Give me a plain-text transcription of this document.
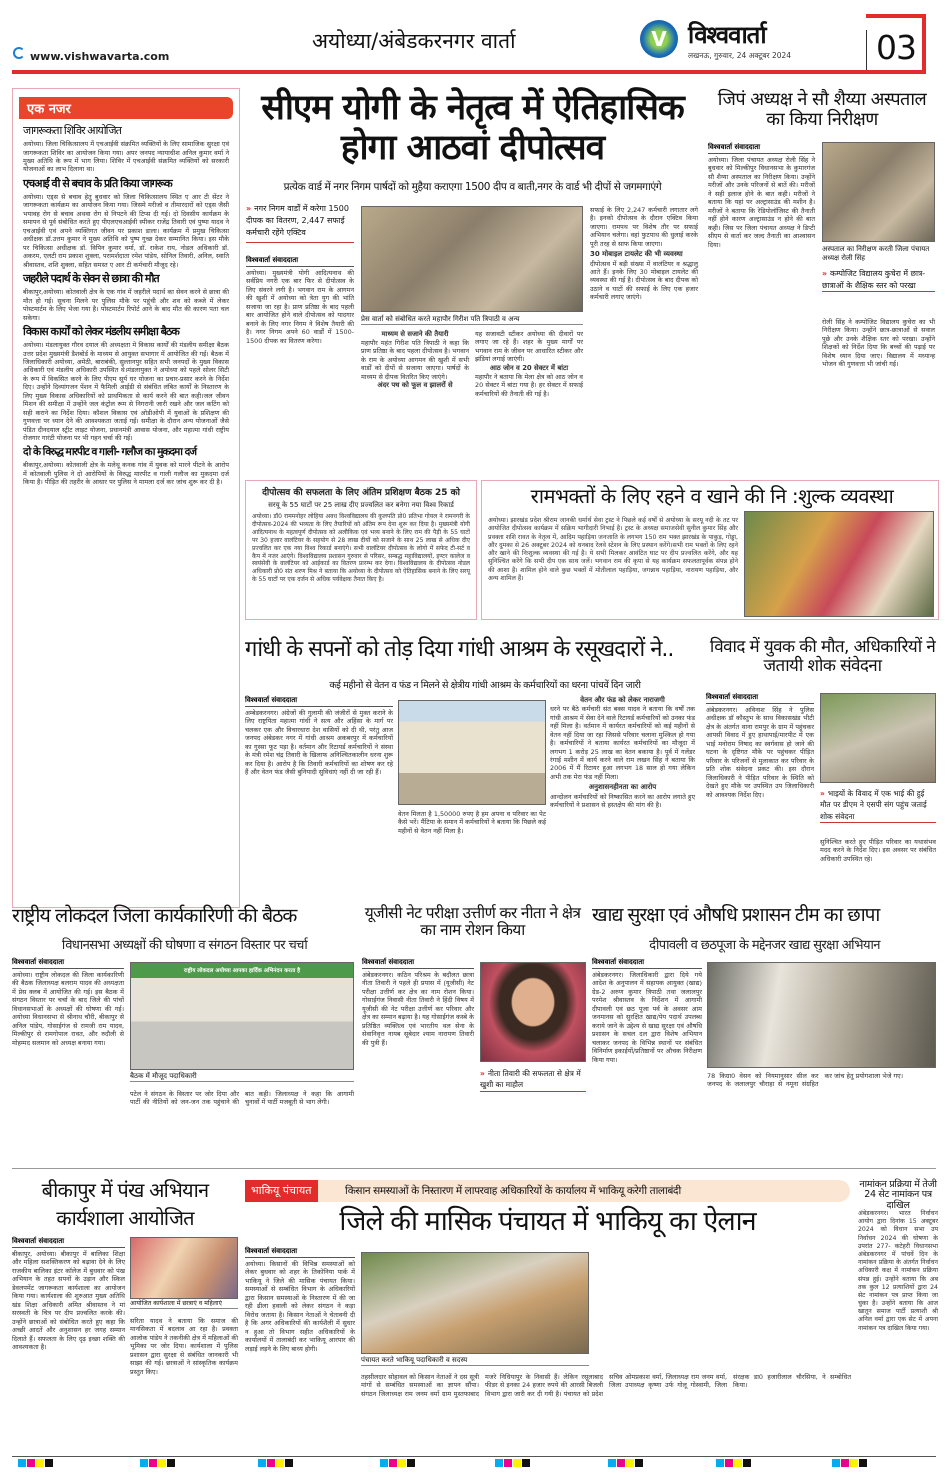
www.vishwavarta.com
अयोध्या/अंबेडकरनगर वार्ता	V विश्ववार्ता
लखनऊ, गुरुवार, 24 अक्टूबर 2024	03
एक नजर
जागरूकता शिविर आयोजित
अयोध्या। जिला चिकित्सालय में एचआईवी संक्रमित व्यक्तियों के लिए सामाजिक सुरक्षा एवं जागरूकता शिविर का आयोजन किया गया। अपर जनपद न्यायाधीश अनिल कुमार वर्मा ने मुख्य अतिथि के रूप में भाग लिया। शिविर में एचआईवी संक्रमित व्यक्तियों को सरकारी योजनाओं का लाभ दिलाना था।
एचआई वी से बचाव के प्रति किया जागरूक
अयोध्या। एड्स से बचाव हेतु बुधवार को जिला चिकित्सालय स्थित ए आर टी सेंटर ने जागरूकता कार्यक्रम का आयोजन किया गया। जिसमे मरीजो व तीमारदारों को एड्स जैसी भयावह रोग से बचाव अथवा रोग से निपटने की टिप्स दी गई। दो दिवसीय कार्यक्रम के समापन से पूर्व संबोधित करते हुए पीएलएचआईवी स्पीकर राजेंद्र तिवारी एवं पुष्पा यादव ने एचआईवी एवं अपने व्यक्तिगत जीवन पर प्रकाश डाला। कार्यक्रम में प्रमुख चिकित्सा अधीक्षक डॉ.उत्तम कुमार ने मुख्य अतिथि को पुष्प गुच्छ देकर सम्मानित किया। इस मौके पर चिकित्सा अधीक्षक डॉ. विपिन कुमार वर्मा, डॉ. राकेश राय, नोडल अधिकारी डॉ. अकरम, एलटी राम प्रकाश शुक्ला, परामर्शदाता रमेश पांडेय, सोनिल तिवारी, अनिल, स्वाति श्रीवास्तव, शशि शुक्ला, सहित समस्त ए आर टी कर्मचारी मौजूद रहे।
जहरीले पदार्थ के सेवन से छात्रा की मौत
बीकापुर,अयोध्या। कोतवाली क्षेत्र के एक गांव में जहरीले पदार्थ का सेवन करने से छात्रा की मौत हो गई। सूचना मिलने पर पुलिस मौके पर पहुंची और शव को कब्जे में लेकर पोस्टमार्टम के लिए भेजा गया है। पोस्टमार्टम रिपोर्ट आने के बाद मौत की कारण पता चल सकेगा।
विकास कार्यों को लेकर मंडलीय समीक्षा बैठक
अयोध्या। मंडलायुक्त गौरव दयाल की अध्यक्षता मे विकास कार्यों की मंडलीय समीक्षा बैठक उत्तर प्रदेश मुख्यमंत्री डैशबोर्ड के माध्यम से आयुक्त सभागार में आयोजित की गई। बैठक में जिलाधिकारी अयोध्या, अमेठी, बाराबंकी, सुल्तानपुर सहित सभी जनपदों के मुख्य विकास अधिकारी एवं मंडलीय अधिकारी उपस्थित थे।मंडलायुक्त ने अयोध्या को पहले सोलर सिटी के रूप में विकसित करने के लिए पीएम सूर्य घर योजना का प्रचार-प्रसार करने के निर्देश दिए। उन्होंने दिव्यांगजन पेंशन में फैमिली आईडी से संबंधित लंबित कार्यों के निस्तारण के लिए मुख्य विकास अधिकारियों को प्राथमिकता से कार्य करने की बात कही।जल जीवन मिशन की समीक्षा में उन्होंने जल कंट्रोल रूम से निगरानी जारी रखने और जल कटिंग को सही कराने का निर्देश दिया। कौशल विकास एवं ओडीओपी में युवाओं के प्रशिक्षण की गुणवत्ता पर ध्यान देने की आवश्यकता जताई गई। समीक्षा के दौरान अन्य योजनाओं जैसे पंडित दीनदयाल स्ट्रीट लाइट योजना, प्रधानमंत्री आवास योजना, और महात्मा गांधी राष्ट्रीय रोजगार गारंटी योजना पर भी गहन चर्चा की गई।
दो के विरुद्ध मारपीट व गाली- गलौज का मुकदमा दर्ज
बीकापुर,अयोध्या। कोतवाली क्षेत्र के मलेथू कनक गांव में युवक को मारने पीटने के आरोप में कोतवाली पुलिस ने दो आरोपियों के विरुद्ध मारपीट व गाली गलौज का मुकदमा दर्ज किया है। पीड़ित की तहरीर के आधार पर पुलिस ने मामला दर्ज कर जांच शुरू कर दी है।
सीएम योगी के नेतृत्व में ऐतिहासिक होगा आठवां दीपोत्सव
प्रत्येक वार्ड में नगर निगम पार्षदों को मुहैया कराएगा 1500 दीप व बाती,नगर के वार्ड भी दीपों से जगमगाएंगे
» नगर निगम वार्डों में करेगा 1500 दीपक का वितरण, 2,447 सफाई कर्मचारी रहेंगे एक्टिव
विश्ववार्ता संवाददाता
अयोध्या। मुख्यमंत्री योगी आदित्यनाथ की सर्वप्रिय नगरी एक बार फिर से दीपोत्सव के लिए संवरने लगी है। भगवान राम के आगमन की खुशी में अयोध्या को त्रेता युग की भांति सजाया जा रहा है। प्राण प्रतिष्ठा के बाद पहली बार आयोजित होने वाले दीपोत्सव को यादगार बनाने के लिए नगर निगम ने विशेष तैयारी की है। नगर निगम अपने 60 वार्डों में 1500-1500 दीपक का वितरण करेगा।
प्रेस वार्ता को संबोधित करते महापौर गिरीश पति त्रिपाठी व अन्य
माध्यम से सजाने की तैयारी
महापौर महंत गिरीश पति त्रिपाठी ने कहा कि प्राण प्रतिष्ठा के बाद पहला दीपोत्सव है। भगवान के राम के अयोध्या आगमन की खुशी में सभी वार्डों को दीपों से सजाया जाएगा। पार्षदों के माध्यम से दीपक वितरित किए जाएंगे।
अंदर पथ को फूल व झालरों से
यह सजावटी स्टीकर अयोध्या की दीवारों पर लगाए जा रहे हैं। शहर के मुख्य मार्गों पर भगवान राम के जीवन पर आधारित स्टीकर और झंडियां लगाई जाएंगी।
आठ जोन व 20 सेक्टर में बांटा
महापौर ने बताया कि मेला क्षेत्र को आठ जोन व 20 सेक्टर में बांटा गया है। हर सेक्टर में सफाई कर्मचारियों की तैनाती की गई है।
सफाई के लिए 2,247 कर्मचारी लगातार लगे है। इनको दीपोत्सव के दौरान एक्टिव किया जाएगा। रामपथ पर विशेष तौर पर सफाई अभियान चलेगा। वहां फुटपाथ की धुलाई करके पूरी तरह से साफ किया जाएगा।
30 मोबाइल टायलेट की भी व्यवस्था
दीपोत्सव में बड़ी संख्या में वालंटियर व श्रद्धालु आते हैं। इनके लिए 30 मोबाइल टायलेट की व्यवस्था की गई है। दीपोत्सव के बाद दीपक को उठाने व घाटों की सफाई के लिए एक हजार कर्मचारी लगाए जाएंगे।
जिपं अध्यक्ष ने सौ शैय्या अस्पताल का किया निरीक्षण
विश्ववार्ता संवाददाता
अयोध्या। जिला पंचायत अध्यक्ष रोली सिंह ने बुधवार को मिल्कीपुर विधानसभा के कुमारगंज सौ शैय्या अस्पताल का निरीक्षण किया। उन्होंने मरीजों और उनके परिजनों से बातें की। मरीजों ने सही इलाज होने के बात कही। मरीजों ने बताया कि यहां पर अल्ट्रासाउंड की मशीन है। मरीजों ने बताया कि रेडियोलॉजिस्ट की तैनाती नहीं होने कारण अल्ट्रासाउंड न होने की बात कही। जिस पर जिला पंचायत अध्यक्ष ने डिप्टी सीएम से वार्ता कर जल्द तैनाती का आश्वासन दिया।
अस्पताल का निरीक्षण करती जिला पंचायत अध्यक्ष रोली सिंह
» कम्पोजिट विद्यालय कुचेरा में छात्र- छात्राओं के शैक्षिक स्तर को परखा
रोली सिंह ने कम्पोजिट विद्यालय कुचेरा का भी निरीक्षण किया। उन्होंने छात्र-छात्राओं से सवाल पूछे और उनके शैक्षिक स्तर को परखा। उन्होंने शिक्षकों को निर्देश दिया कि बच्चों की पढ़ाई पर विशेष ध्यान दिया जाए। विद्यालय में मध्यान्ह भोजन की गुणवत्ता भी जांची गई।
दीपोत्सव की सफलता के लिए अंतिम प्रशिक्षण बैठक 25 को
सरयू के 55 घाटों पर 25 लाख दीए प्रज्वलित कर बनेगा नया विश्व रिकार्ड
अयोध्या। डॉ0 राममनोहर लोहिया अवध विश्वविद्यालय की कुलपति प्रो0 प्रतिभा गोयल ने रामनगरी के दीपोत्सव-2024 की भव्यता के लिए तैयारियों को अंतिम रूप देना शुरू कर दिया है। मुख्यमंत्री योगी आदित्यनाथ के महत्वपूर्ण दीपोत्सव को अलौकिक एवं भव्य बनाने के लिए राम की पैड़ी के 55 घाटों पर 30 हजार वालंटियर के सहयोग से 28 लाख दीयों को सजाने के साथ 25 लाख से अधिक दीए प्रज्वलित कर एक नया विश्व रिकार्ड बनाएंगे। सभी वालंटियर दीपोत्सव के लोगो में सफेद टी-सर्ट व कैप में नजर आएंगे। विश्वविद्यालय प्रशासन गुरुवार से परिसर, सम्बद्ध महाविद्यालयों, इण्टर कालेज व स्वयंसेवी के वालंटियर को आईकार्ड का वितरण प्रारम्भ कर देगा। विश्वविद्यालय के दीपोत्सव नोडल अधिकारी प्रो0 संत शरण मिश्र ने बताया कि अयोध्या के दीपोत्सव को ऐतिहासिक बनाने के लिए सरयू के 55 घाटों पर एक दर्जन से अधिक पर्यवेक्षक तैनात किए है।
रामभक्तों के लिए रहने व खाने की नि :शुल्क व्यवस्था
अयोध्या। झारखंड प्रदेश श्रीराम जानकी धर्मार्थ सेवा ट्रस्ट ने पिछले कई वर्षों से अयोध्या के सरयू नदी के तट पर आयोजित दीपोत्सव कार्यक्रम में सक्रिय भागीदारी निभाई है। ट्रस्ट के अध्यक्ष समाजसेवी सुनील कुमार सिंह और प्रवक्ता शशि रावत के नेतृत्व में, आदिम पहाड़िया जनजाति के लगभग 150 राम भक्त झारखंड के पाकुड़, गोड्डा, और दुमका से 26 अक्टूबर 2024 को धनबाद रेलवे स्टेशन के लिए प्रस्थान करेंगे।सभी राम भक्तों के लिए रहने और खाने की निःशुल्क व्यवस्था की गई है। ये सभी मिलकर आवंटित घाट पर दीप प्रज्वलित करेंगे, और यह सुनिश्चित करेंगे कि सभी दीप एक साथ जलें। भगवान राम की कृपा से यह कार्यक्रम सफलतापूर्वक संपन्न होने की आशा है। शामिल होने वाले कुछ भक्तों में मोतीलाल पहाड़िया, जगन्नाथ पहाड़िया, नारायण पहाड़िया, और अन्य शामिल हैं।
गांधी के सपनों को तोड़ दिया गांधी आश्रम के रसूखदारों ने..
कई महीनो से वेतन व फंड न मिलने से क्षेत्रीय गांधी आश्रम के कर्मचारियों का धरना पांचवें दिन जारी
विश्ववार्ता संवाददाता
अम्बेडकरनगर। अंग्रेजों की गुलामी की जंजीरों से मुक्त कराने के लिए राष्ट्रपिता महात्मा गांधी ने सत्य और अहिंसा के मार्ग पर चलकर एक और विचारधारा देश वासियों को दी थी, परंतु आज जनपद अंबेडकर नगर में गांधी आश्रम अकबरपुर में कर्मचारियों का गुस्सा फूट पड़ा है। वर्तमान और रिटायर्ड कर्मचारियों ने संस्था के मंत्री रमेश चंद्र तिवारी के खिलाफ अनिश्चितकालीन धरना शुरू कर दिया है। आरोप है कि तिवारी कर्मचारियों का शोषण कर रहे हैं और वेतन फंड जैसी बुनियादी सुविधाएं नहीं दी जा रही हैं।
वेतन मिलता है 1,50000 रुपए है हम अपना व परिवार का पेट कैसे भरें। मैंटिया के समान में कर्मचारियों ने बताया कि पिछले कई महीनों से वेतन नहीं मिला है।
वेतन और फंड को लेकर नाराजगी
धरने पर बैठे कर्मचारी संत बक्स यादव ने बताया कि वर्षों तक गांधी आश्रम में सेवा देने वाले रिटायर्ड कर्मचारियों को उनका फंड नहीं मिला है। वर्तमान में कार्यरत कर्मचारियों को कई महीनों से वेतन नहीं दिया जा रहा जिससे परिवार चलाना मुश्किल हो गया है। कर्मचारियों ने बताया कार्यरत कर्मचारियों का मौजूदा में लगभग 1 करोड़ 25 लाख का वेतन बकाया है। पूर्व में गलेंडर रंगाई मशीन में कार्य करने वाले राम लखन सिंह ने बताया कि 2006 में मैं रिटायर हुआ लगभग 18 साल हो गया लेकिन अभी तक मेरा फंड नहीं मिला।
अनुशासनहीनता का आरोप
आन्दोलन कर्मचारियों को निष्कासित करने का आरोप लगाते हुए कर्मचारियों ने प्रशासन से हस्तक्षेप की मांग की है।
विवाद में युवक की मौत, अधिकारियों ने जतायी शोक संवेदना
विश्ववार्ता संवाददाता
अंबेडकरनगर। अविनाश सिंह ने पुलिस अधीक्षक डॉ कौस्तुभ के साथ विकासखंड भीटी क्षेत्र के अंतर्गत थाना रामपुर के ग्राम में पहुंचकर आपसी विवाद में हुए हाथापाई/मारपीट में एक भाई मनोराम निषाद का स्वर्गवास हो जाने की घटना के दृष्टिगत मौके पर पहुंचकर पीड़ित परिवार के परिजनों से मुलाकात कर परिवार के प्रति शोक संवेदना प्रकट की। इस दौरान जिलाधिकारी ने पीड़ित परिवार के स्थिति को देखते हुए मौके पर उपस्थित उप जिलाधिकारी को आवश्यक निर्देश दिए।	» भाइयों के विवाद में एक भाई की हुई मौत पर डीएम ने एसपी संग पहुंच जताई शोक संवेदना
सुनिश्चित करते हुए पीड़ित परिवार का यथासंभव मदद करने के निर्देश दिए। इस अवसर पर संबंधित अधिकारी उपस्थित रहे।
राष्ट्रीय लोकदल जिला कार्यकारिणी की बैठक
विधानसभा अध्यक्षों की घोषणा व संगठन विस्तार पर चर्चा
विश्ववार्ता संवाददाता
अयोध्या। राष्ट्रीय लोकदल की जिला कार्यकारिणी की बैठक जिलाध्यक्ष बलराम यादव की अध्यक्षता में प्रेस क्लब में आयोजित की गई। इस बैठक में संगठन विस्तार पर चर्चा के बाद जिले की पांचों विधानसभाओं के अध्यक्षों की घोषणा की गई। अयोध्या विधानसभा से श्रीनाथ चौरी, बीकापुर से अनिल पांडेय, गोसाईगंज से रामजी राम यादव, मिल्कीपुर से रामगोपाल रावत, और रुदौली से मोहम्मद सलमान को अध्यक्ष बनाया गया।
राष्ट्रीय लोकदल अयोध्या आपका हार्दिक अभिनंदन करता है
बैठक में मौजूद पदाधिकारी
पटेल ने संगठन के विस्तार पर जोर दिया और पार्टी की नीतियों को जन-जन तक पहुंचाने की बात कही। जिलाध्यक्ष ने कहा कि आगामी चुनावों में पार्टी मजबूती से भाग लेगी।
यूजीसी नेट परीक्षा उत्तीर्ण कर नीता ने क्षेत्र का नाम रोशन किया
विश्ववार्ता संवाददाता
अंबेडकरनगर। कठिन परिश्रम के बदौलत छात्रा नीता तिवारी ने पहले ही प्रयास में (यूजीसी) नेट परीक्षा उत्तीर्ण कर क्षेत्र का नाम रोशन किया। गोसाईगंज निवासी नीता तिवारी ने हिंदी विषय में यूजीसी की नेट परीक्षा उत्तीर्ण कर परिवार और क्षेत्र का सम्मान बढ़ाया है। यह गोसाईगंज कस्बे के प्रतिष्ठित व्यक्तित्व एवं भारतीय थल सेना के सेवानिवृत्त नायब सूबेदार श्याम नारायण तिवारी की पुत्री हैं।
» नीता तिवारी की सफलता से क्षेत्र में खुशी का माहौल
खाद्य सुरक्षा एवं औषधि प्रशासन टीम का छापा
दीपावली व छठपूजा के मद्देनजर खाद्य सुरक्षा अभियान
विश्ववार्ता संवाददाता
अंबेडकरनगर। जिलाधिकारी द्वारा दिये गये आदेश के अनुपालन में सहायक आयुक्त (खाद्य) ग्रेड-2 अरुण कुमार त्रिपाठी तथा जलालपुर परमेश श्रीवास्तव के निर्देशन में आगामी दीपावली एवं छठ पूजा पर्व के अवसर आम जनमानस को सुरक्षित खाद्य/पेय पदार्थ उपलब्ध कराये जाने के उद्देश्य से खाद्य सुरक्षा एवं औषधि प्रशासन के सचल दल द्वारा विशेष अभियान चलाकर जनपद के विभिन्न स्थानों पर संबंधित विनिर्माण इकाईयों/प्रतिष्ठानों पर औचक निरीक्षण किया गया।
78 किग्रा0 वेसन को नियमानुसार सील कर जनपद के जलालपुर चौराहा से नमूना संग्रहित कर जांच हेतु प्रयोगशाला भेजे गए।
बीकापुर में पंख अभियान कार्यशाला आयोजित
विश्ववार्ता संवाददाता
बीकापुर, अयोध्या। बीकापुर में बालिका शिक्षा और महिला सशक्तिकरण को बढ़ावा देने के लिए राजकीय बालिका इंटर कॉलेज में बुधवार को पंख अभियान के तहत सपनों के उड़ान और स्किल डेवलपमेंट जागरूकता कार्यशाला का आयोजन किया गया। कार्यशाला की शुरुआत मुख्य अतिथि खंड शिक्षा अधिकारी अमित श्रीवास्तव ने मां सरस्वती के चित्र पर दीप प्रज्वलित करके की। उन्होंने छात्राओं को संबोधित करते हुए कहा कि अच्छी आदतें और अनुशासन हर जगह सम्मान दिलाते हैं। सफलता के लिए दृढ़ इच्छा शक्ति की आवश्यकता है।
आयोजित कार्यशाला में छात्राएं व महिलाएं
सरिता यादव ने बताया कि समाज की मानसिकता में बदलाव आ रहा है। प्रवक्ता आलोक पांडेय ने तकनीकी क्षेत्र में महिलाओं की भूमिका पर जोर दिया। कार्यशाला में पुलिस प्रशासन द्वारा सुरक्षा से संबंधित जानकारी भी साझा की गई। छात्राओं ने सांस्कृतिक कार्यक्रम प्रस्तुत किए।
भाकियू पंचायत	किसान समस्याओं के निस्तारण में लापरवाह अधिकारियों के कार्यालय में भाकियू करेगी तालाबंदी
जिले की मासिक पंचायत में भाकियू का ऐलान
विश्ववार्ता संवाददाता
अयोध्या। किसानों की विभिन्न समस्याओं को लेकर बुधवार को शहर के तिकोनिया पार्क में भाकियू ने जिले की मासिक पंचायत किया। समस्याओं से सम्बंधित विभाग के अधिकारियों द्वारा किसान समस्याओं के निस्तारण में की जा रही ढीला हवाली को लेकर संगठन ने कड़ा विरोध जताया है। किसान नेताओं ने चेतावनी दी है कि अगर अधिकारियों की कार्यशैली में सुधार न हुआ तो विभाग सहीत अधिकारियों के कार्यालयों में तालाबंदी कर भाकियू आरपार की लड़ाई लड़ने के लिए बाध्य होगी।
पंचायत करते भाकियू पदाधिकारी व सदस्य
तहसीलदार सोहावल को किसान नेताओं ने दस सूत्री मांगों से सम्बंधित समस्याओं का ज्ञापन सौंपा। संगठन जिलाध्यक्ष राम जनम वर्मा ग्राम मुस्तफाबाद मजरे निधियापुर के निवासी हैं। लेकिन रसूलाबाद फीडर से इनका 24 हजार रुपये की आरसी बिजली विभाग द्वारा जारी कर दी गयी है। पंचायत को प्रदेश सचिव ओमप्रकाश वर्मा, जिलाध्यक्ष राम जनम वर्मा, जिला उपाध्यक्ष कृष्णा उर्फ गोलू गोस्वामी, जिला संरक्षक डा0 हजारीलाल चौरसिया, ने सम्बोधित किया।
नामांकन प्रक्रिया में तेजी 24 सेट नामांकन पत्र दाखिल
अंबेडकरनगर। भारत निर्वाचन आयोग द्वारा दिनांक 15 अक्टूबर 2024 को विधान सभा उप निर्वाचन 2024 की घोषणा के उपरांत 277- कटेहरी विधानसभा अंबेडकरनगर में पांचवें दिन के नामांकन प्रक्रिया के अंतर्गत निर्वाचन अधिकारी कक्ष में नामांकन प्रक्रिया संपन्न हुई। उन्होंने बताया कि अब तक कुल 12 प्रत्याशियों द्वारा 24 सेट नामांकन पत्र प्राप्त किया जा चुका है। उन्होंने बताया कि आज खातून समाज पार्टी प्रत्याशी श्री अनिल वर्मा द्वारा एक सेट में अपना नामांकन पत्र दाखिल किया गया।
